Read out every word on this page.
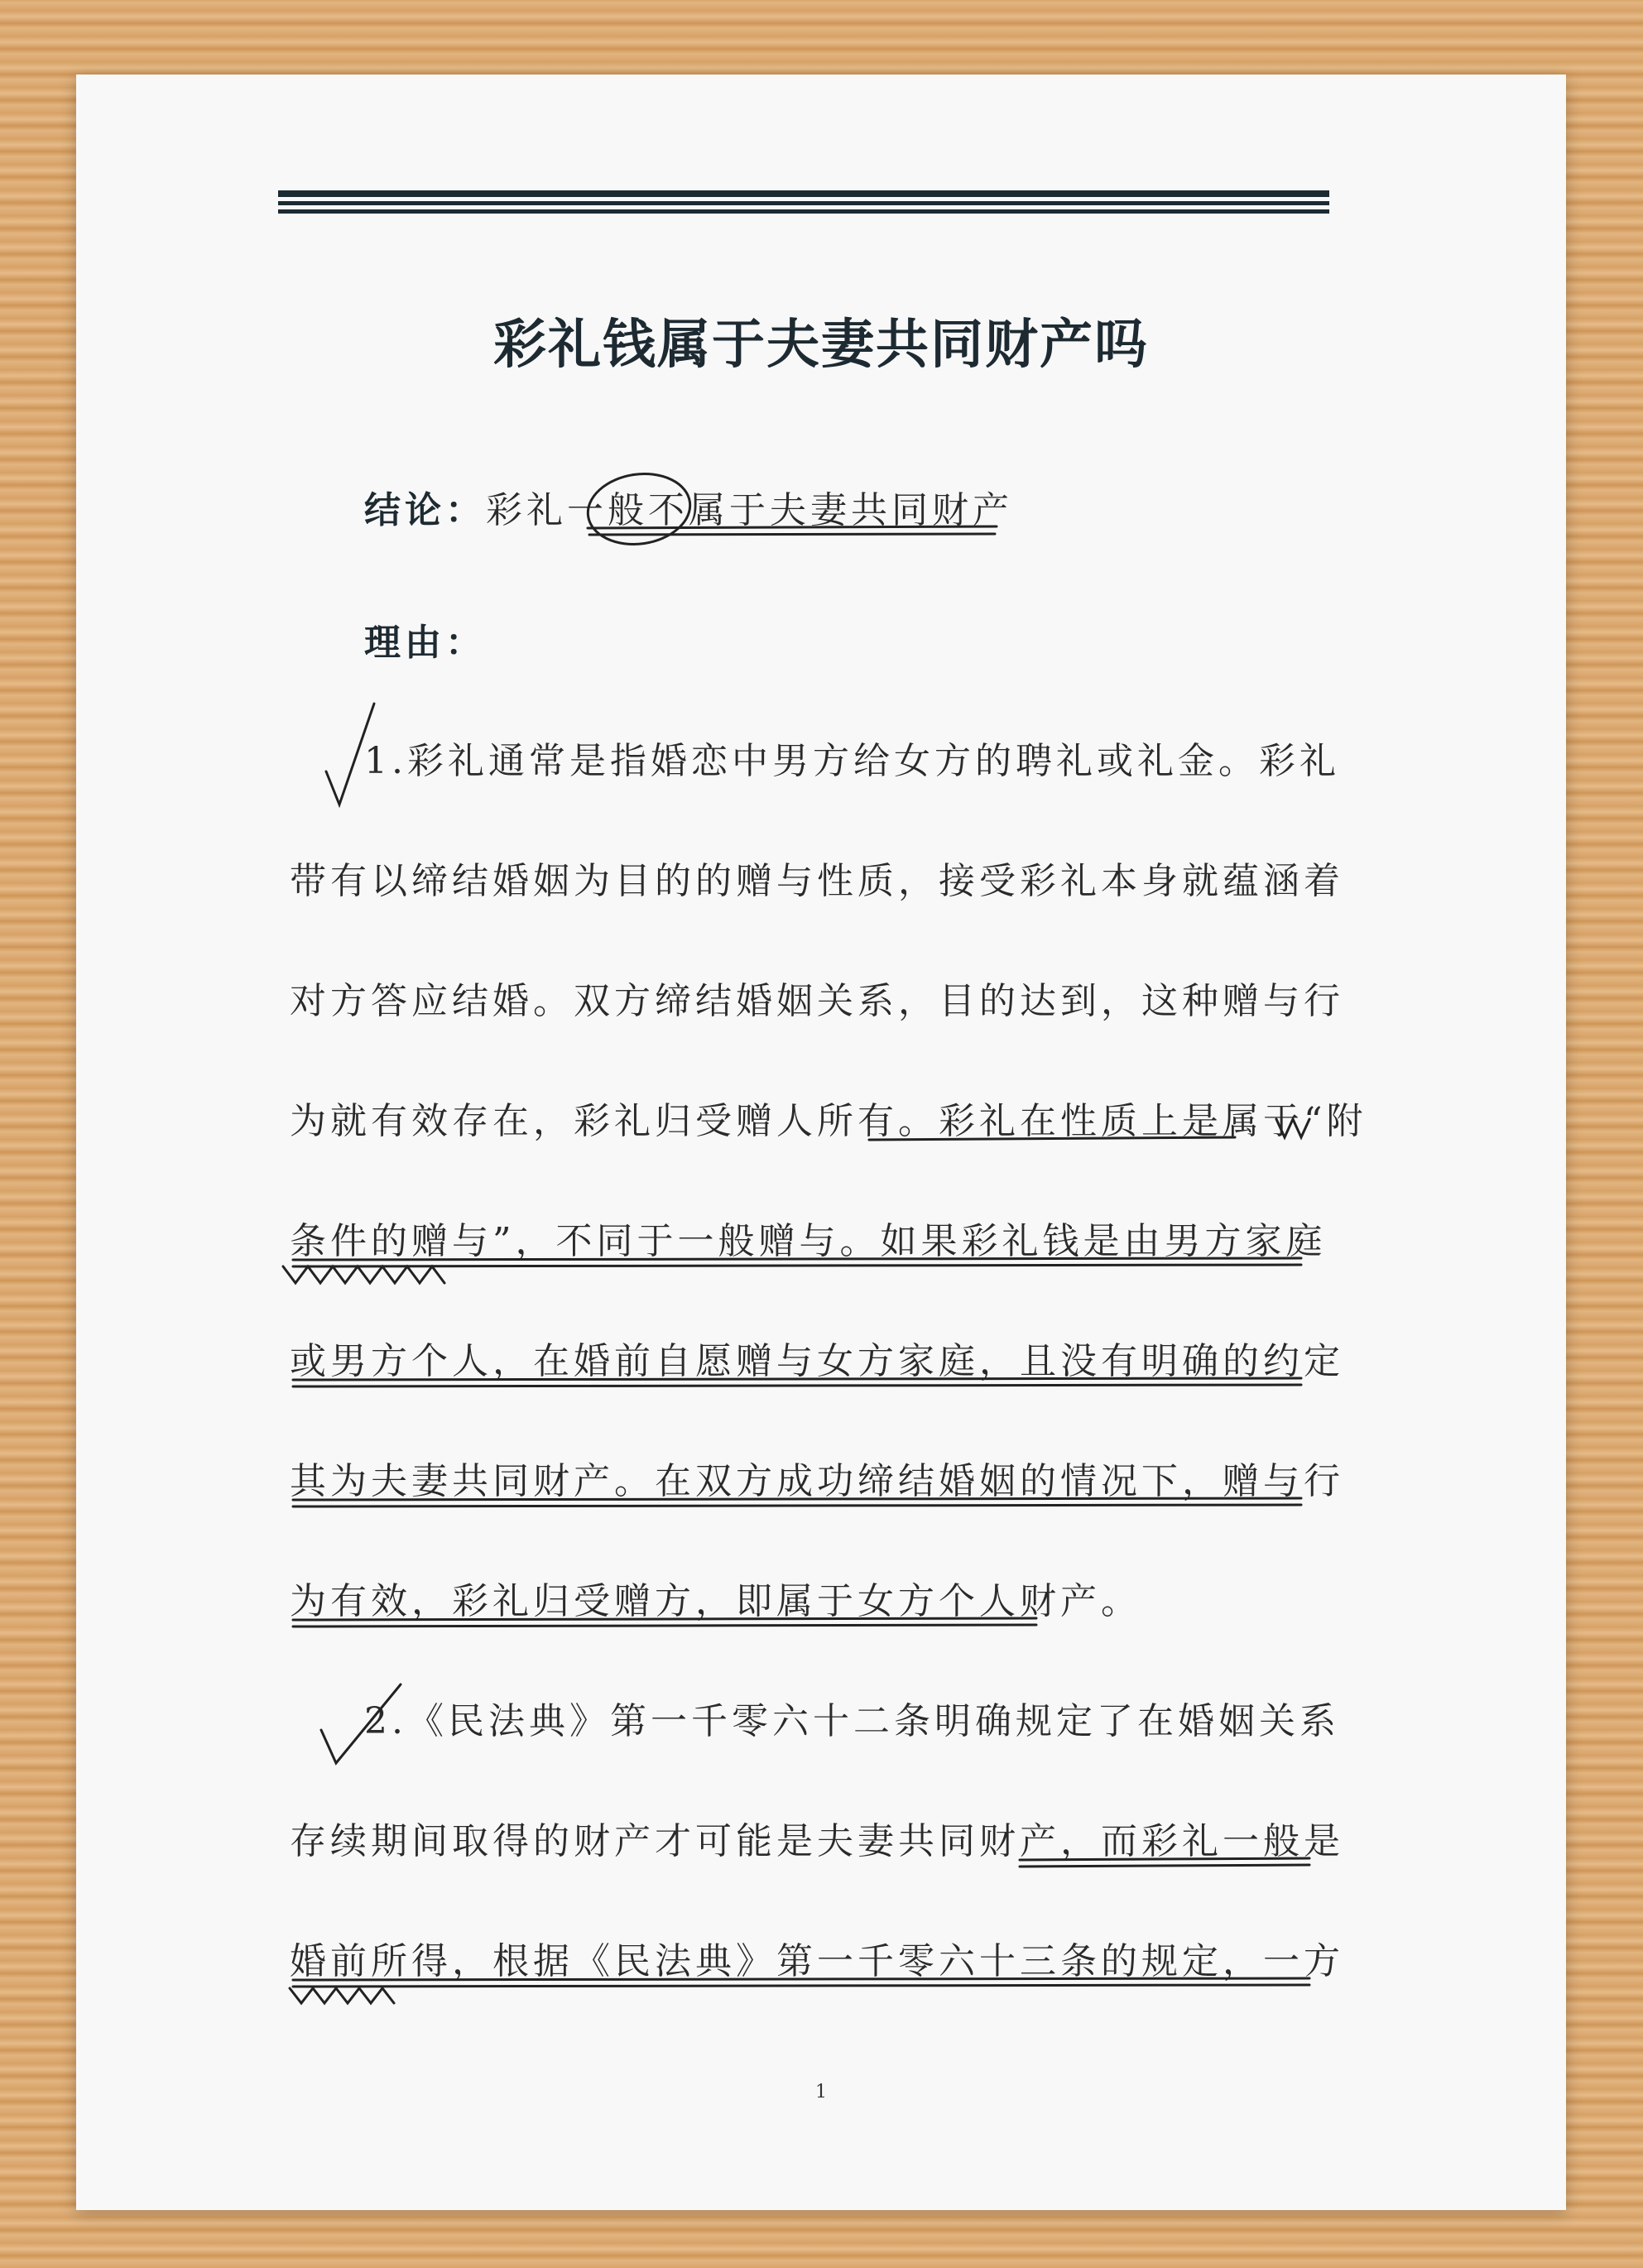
彩礼钱属于夫妻共同财产吗

结论：彩礼一般不属于夫妻共同财产

理由：

1.彩礼通常是指婚恋中男方给女方的聘礼或礼金。彩礼

带有以缔结婚姻为目的的赠与性质，接受彩礼本身就蕴涵着

对方答应结婚。双方缔结婚姻关系，目的达到，这种赠与行

为就有效存在，彩礼归受赠人所有。彩礼在性质上是属于“附

条件的赠与”，不同于一般赠与。如果彩礼钱是由男方家庭

或男方个人，在婚前自愿赠与女方家庭，且没有明确的约定

其为夫妻共同财产。在双方成功缔结婚姻的情况下，赠与行

为有效，彩礼归受赠方，即属于女方个人财产。

2.《民法典》第一千零六十二条明确规定了在婚姻关系

存续期间取得的财产才可能是夫妻共同财产，而彩礼一般是

婚前所得，根据《民法典》第一千零六十三条的规定，一方

1
